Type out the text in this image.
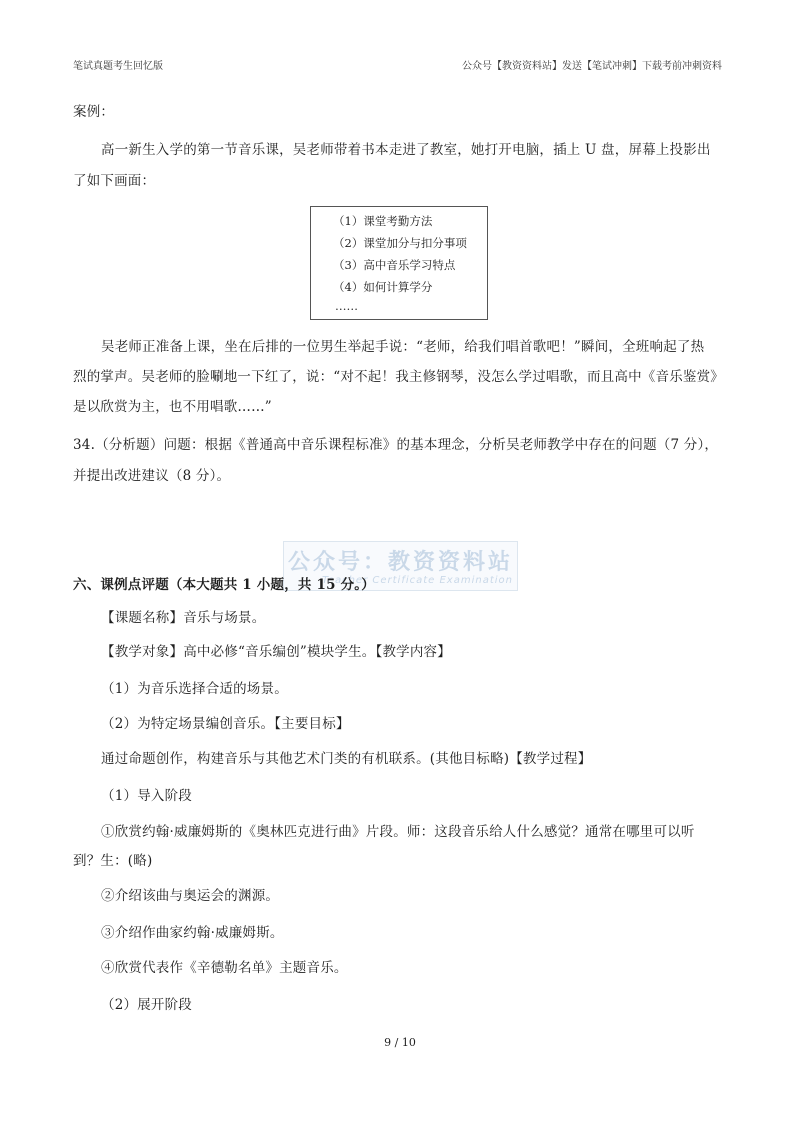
笔试真题考生回忆版	公众号【教资资料站】发送【笔试冲刺】下载考前冲刺资料
案例：
高一新生入学的第一节音乐课，吴老师带着书本走进了教室，她打开电脑，插上 U 盘，屏幕上投影出
了如下画面：
（1）课堂考勤方法
（2）课堂加分与扣分事项
（3）高中音乐学习特点
（4）如何计算学分
……
吴老师正准备上课，坐在后排的一位男生举起手说：“老师，给我们唱首歌吧！”瞬间，全班响起了热
烈的掌声。吴老师的脸唰地一下红了，说：“对不起！我主修钢琴，没怎么学过唱歌，而且高中《音乐鉴赏》
是以欣赏为主，也不用唱歌……”
34.（分析题）问题：根据《普通高中音乐课程标准》的基本理念，分析吴老师教学中存在的问题（7 分），
并提出改进建议（8 分）。
公众号：教资资料站
Teacher Certificate Examination
六、课例点评题（本大题共 1 小题，共 15 分。）
【课题名称】音乐与场景。
【教学对象】高中必修“音乐编创”模块学生。【教学内容】
（1）为音乐选择合适的场景。
（2）为特定场景编创音乐。【主要目标】
通过命题创作，构建音乐与其他艺术门类的有机联系。(其他目标略)【教学过程】
（1）导入阶段
①欣赏约翰·威廉姆斯的《奥林匹克进行曲》片段。师：这段音乐给人什么感觉？通常在哪里可以听
到？生：(略)
②介绍该曲与奥运会的渊源。
③介绍作曲家约翰·威廉姆斯。
④欣赏代表作《辛德勒名单》主题音乐。
（2）展开阶段
9 / 10
